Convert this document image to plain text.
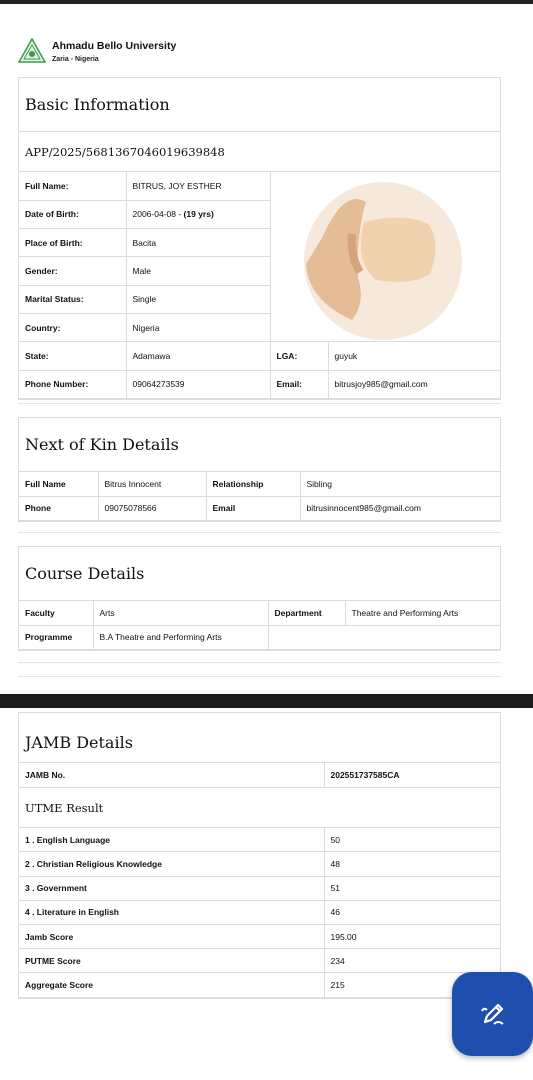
Ahmadu Bello University
Zaria - Nigeria
Basic Information
APP/2025/5681367046019639848
Full Name:	BITRUS, JOY ESTHER	

Date of Birth:	2006-04-08 - (19 yrs)		
Place of Birth:	Bacita		
Gender:	Male		
Marital Status:	Single		
Country:	Nigeria		
State:	Adamawa	LGA:	guyuk
Phone Number:	09064273539	Email:	bitrusjoy985@gmail.com
Next of Kin Details
Full Name	Bitrus Innocent	Relationship	Sibling
Phone	09075078566	Email	bitrusinnocent985@gmail.com
Course Details
Faculty	Arts	Department	Theatre and Performing Arts
Programme	B.A Theatre and Performing Arts		
JAMB Details
JAMB No.	202551737585CA
UTME Result
1 . English Language	50
2 . Christian Religious Knowledge	48
3 . Government	51
4 . Literature in English	46
Jamb Score	195.00
PUTME Score	234
Aggregate Score	215
